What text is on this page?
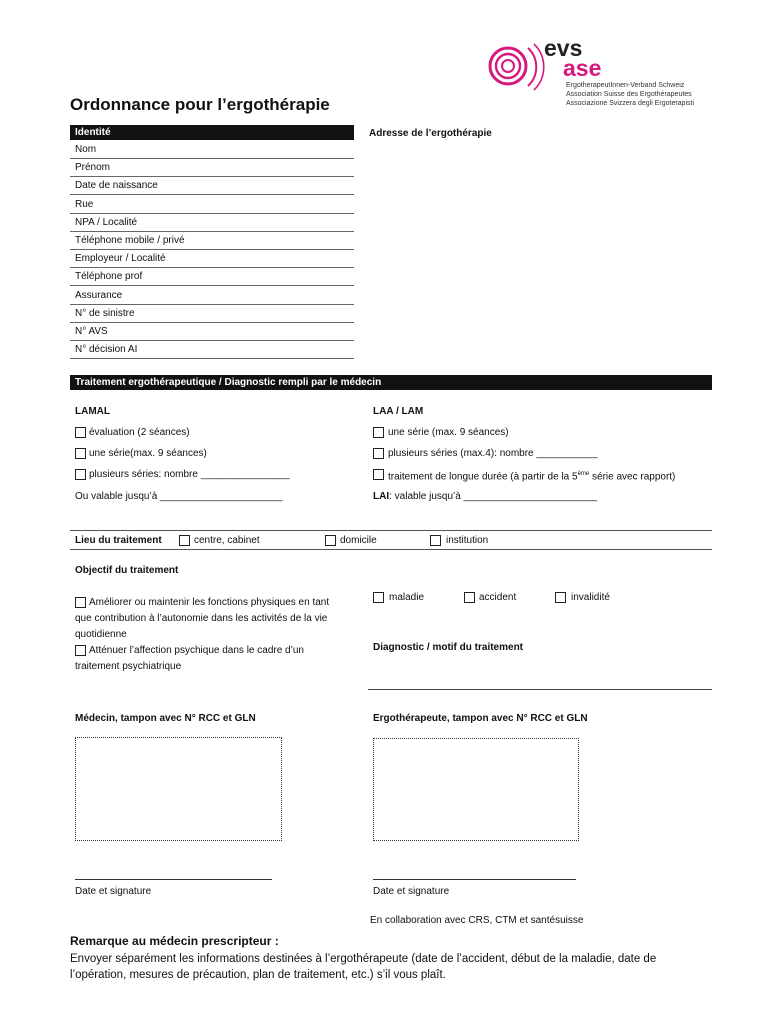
evs
ase
ErgotherapeutInnen-Verband Schweiz
Association Suisse des Ergothérapeutes
Associazione Svizzera degli Ergoterapisti
Ordonnance pour l’ergothérapie
Identité
Nom
Prénom
Date de naissance
Rue
NPA / Localité
Téléphone mobile / privé
Employeur / Localité
Téléphone prof
Assurance
N° de sinistre
N° AVS
N° décision AI
Adresse de l’ergothérapie
Traitement ergothérapeutique / Diagnostic rempli par le médecin
LAMAL	LAA / LAM
évaluation (2 séances)
une série(max. 9 séances)
plusieurs séries: nombre ________________
Ou valable jusqu’à ______________________
une série (max. 9 séances)
plusieurs séries (max.4): nombre ___________
traitement de longue durée (à partir de la 5ème série avec rapport)
LAI: valable jusqu’à ________________________
Lieu du traitement	centre, cabinet	domicile	institution
Objectif du traitement
Améliorer ou maintenir les fonctions physiques en tant
que contribution à l’autonomie dans les activités de la vie
quotidienne
Atténuer l’affection psychique dans le cadre d’un
traitement psychiatrique
maladie	accident	invalidité
Diagnostic / motif du traitement
Médecin, tampon avec N° RCC et GLN	Ergothérapeute, tampon avec N° RCC et GLN
Date et signature	Date et signature
En collaboration avec CRS, CTM et santésuisse
Remarque au médecin prescripteur :
Envoyer séparément les informations destinées à l’ergothérapeute (date de l’accident, début de la maladie, date de
l’opération, mesures de précaution, plan de traitement, etc.) s’il vous plaît.
